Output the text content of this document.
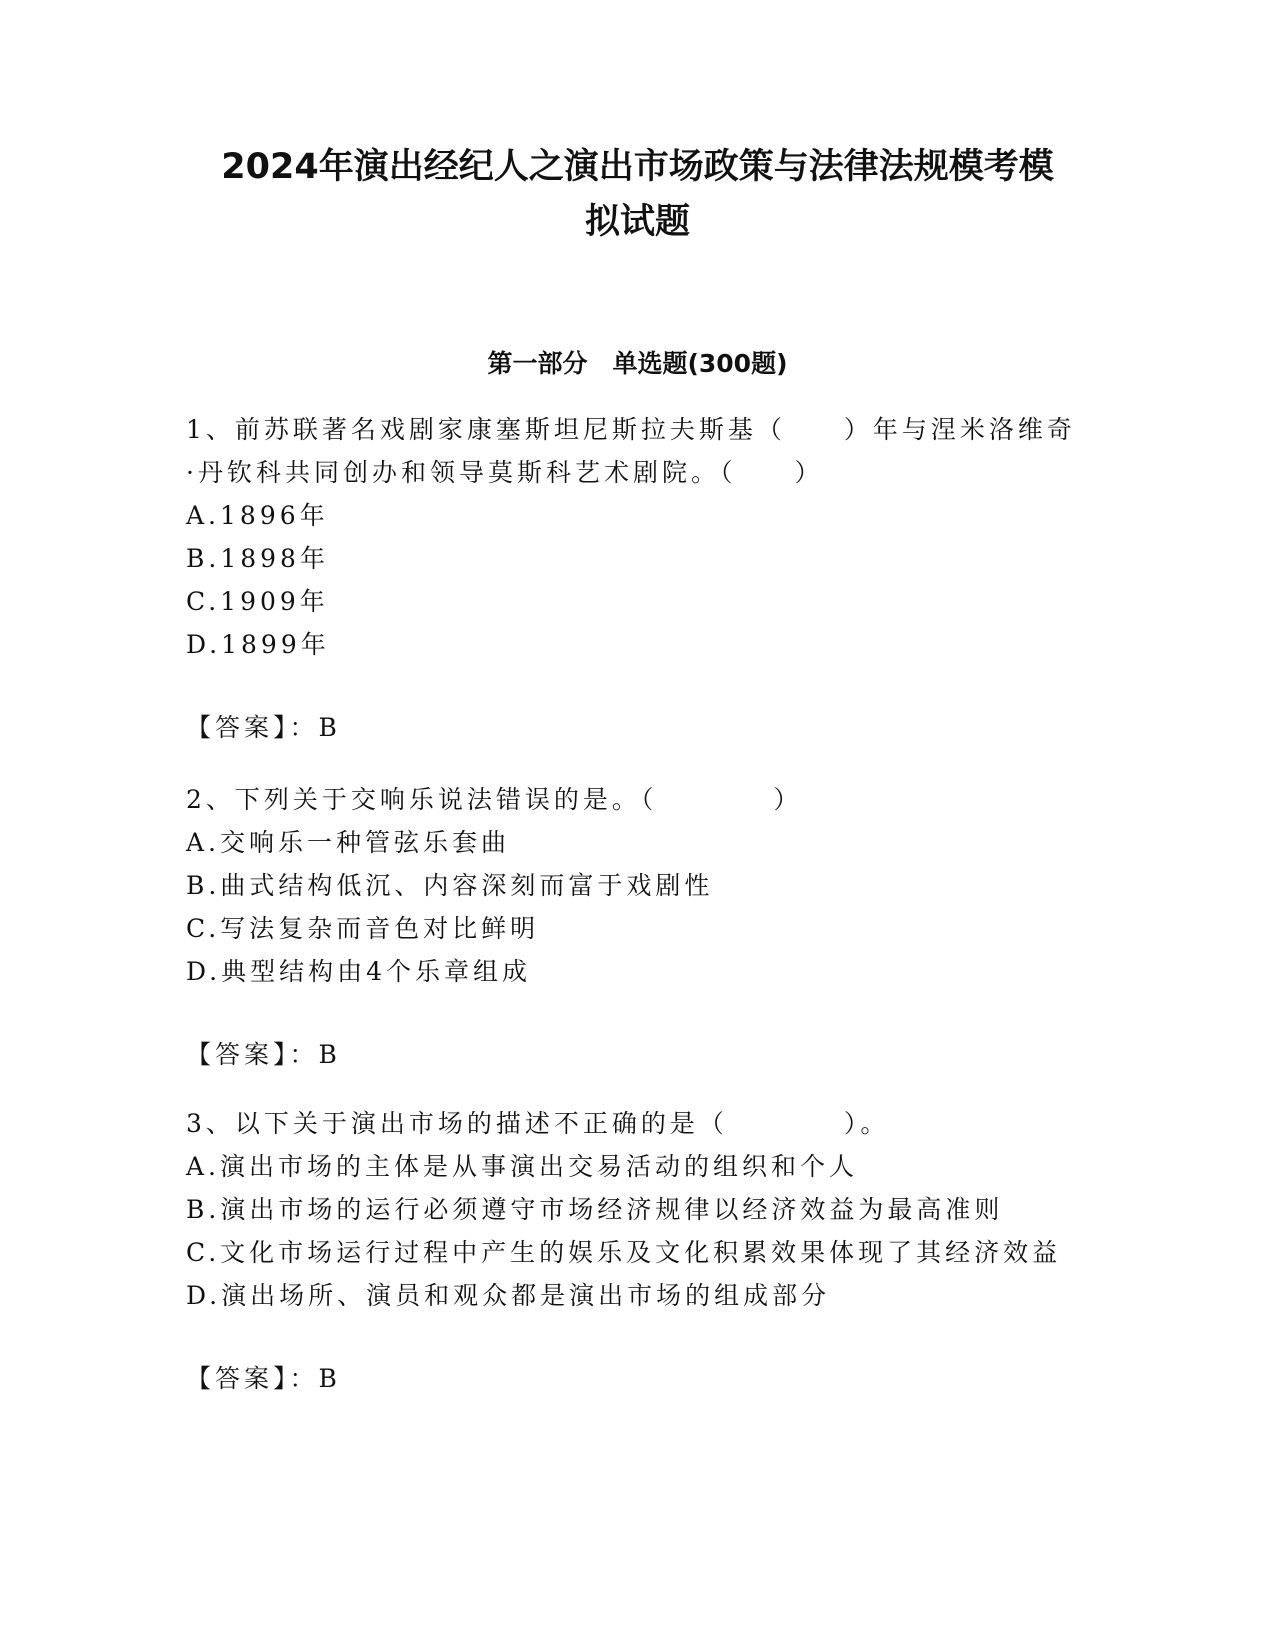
2024年演出经纪人之演出市场政策与法律法规模考模
拟试题
第一部分　单选题(300题)

1、前苏联著名戏剧家康塞斯坦尼斯拉夫斯基（　　）年与涅米洛维奇
·丹钦科共同创办和领导莫斯科艺术剧院。（　　）

A.1896年

B.1898年

C.1909年

D.1899年

【答案】：B

2、下列关于交响乐说法错误的是。（　　　　）

A.交响乐一种管弦乐套曲

B.曲式结构低沉、内容深刻而富于戏剧性

C.写法复杂而音色对比鲜明

D.典型结构由4个乐章组成

【答案】：B

3、以下关于演出市场的描述不正确的是（　　　　）。

A.演出市场的主体是从事演出交易活动的组织和个人

B.演出市场的运行必须遵守市场经济规律以经济效益为最高准则

C.文化市场运行过程中产生的娱乐及文化积累效果体现了其经济效益

D.演出场所、演员和观众都是演出市场的组成部分

【答案】：B
